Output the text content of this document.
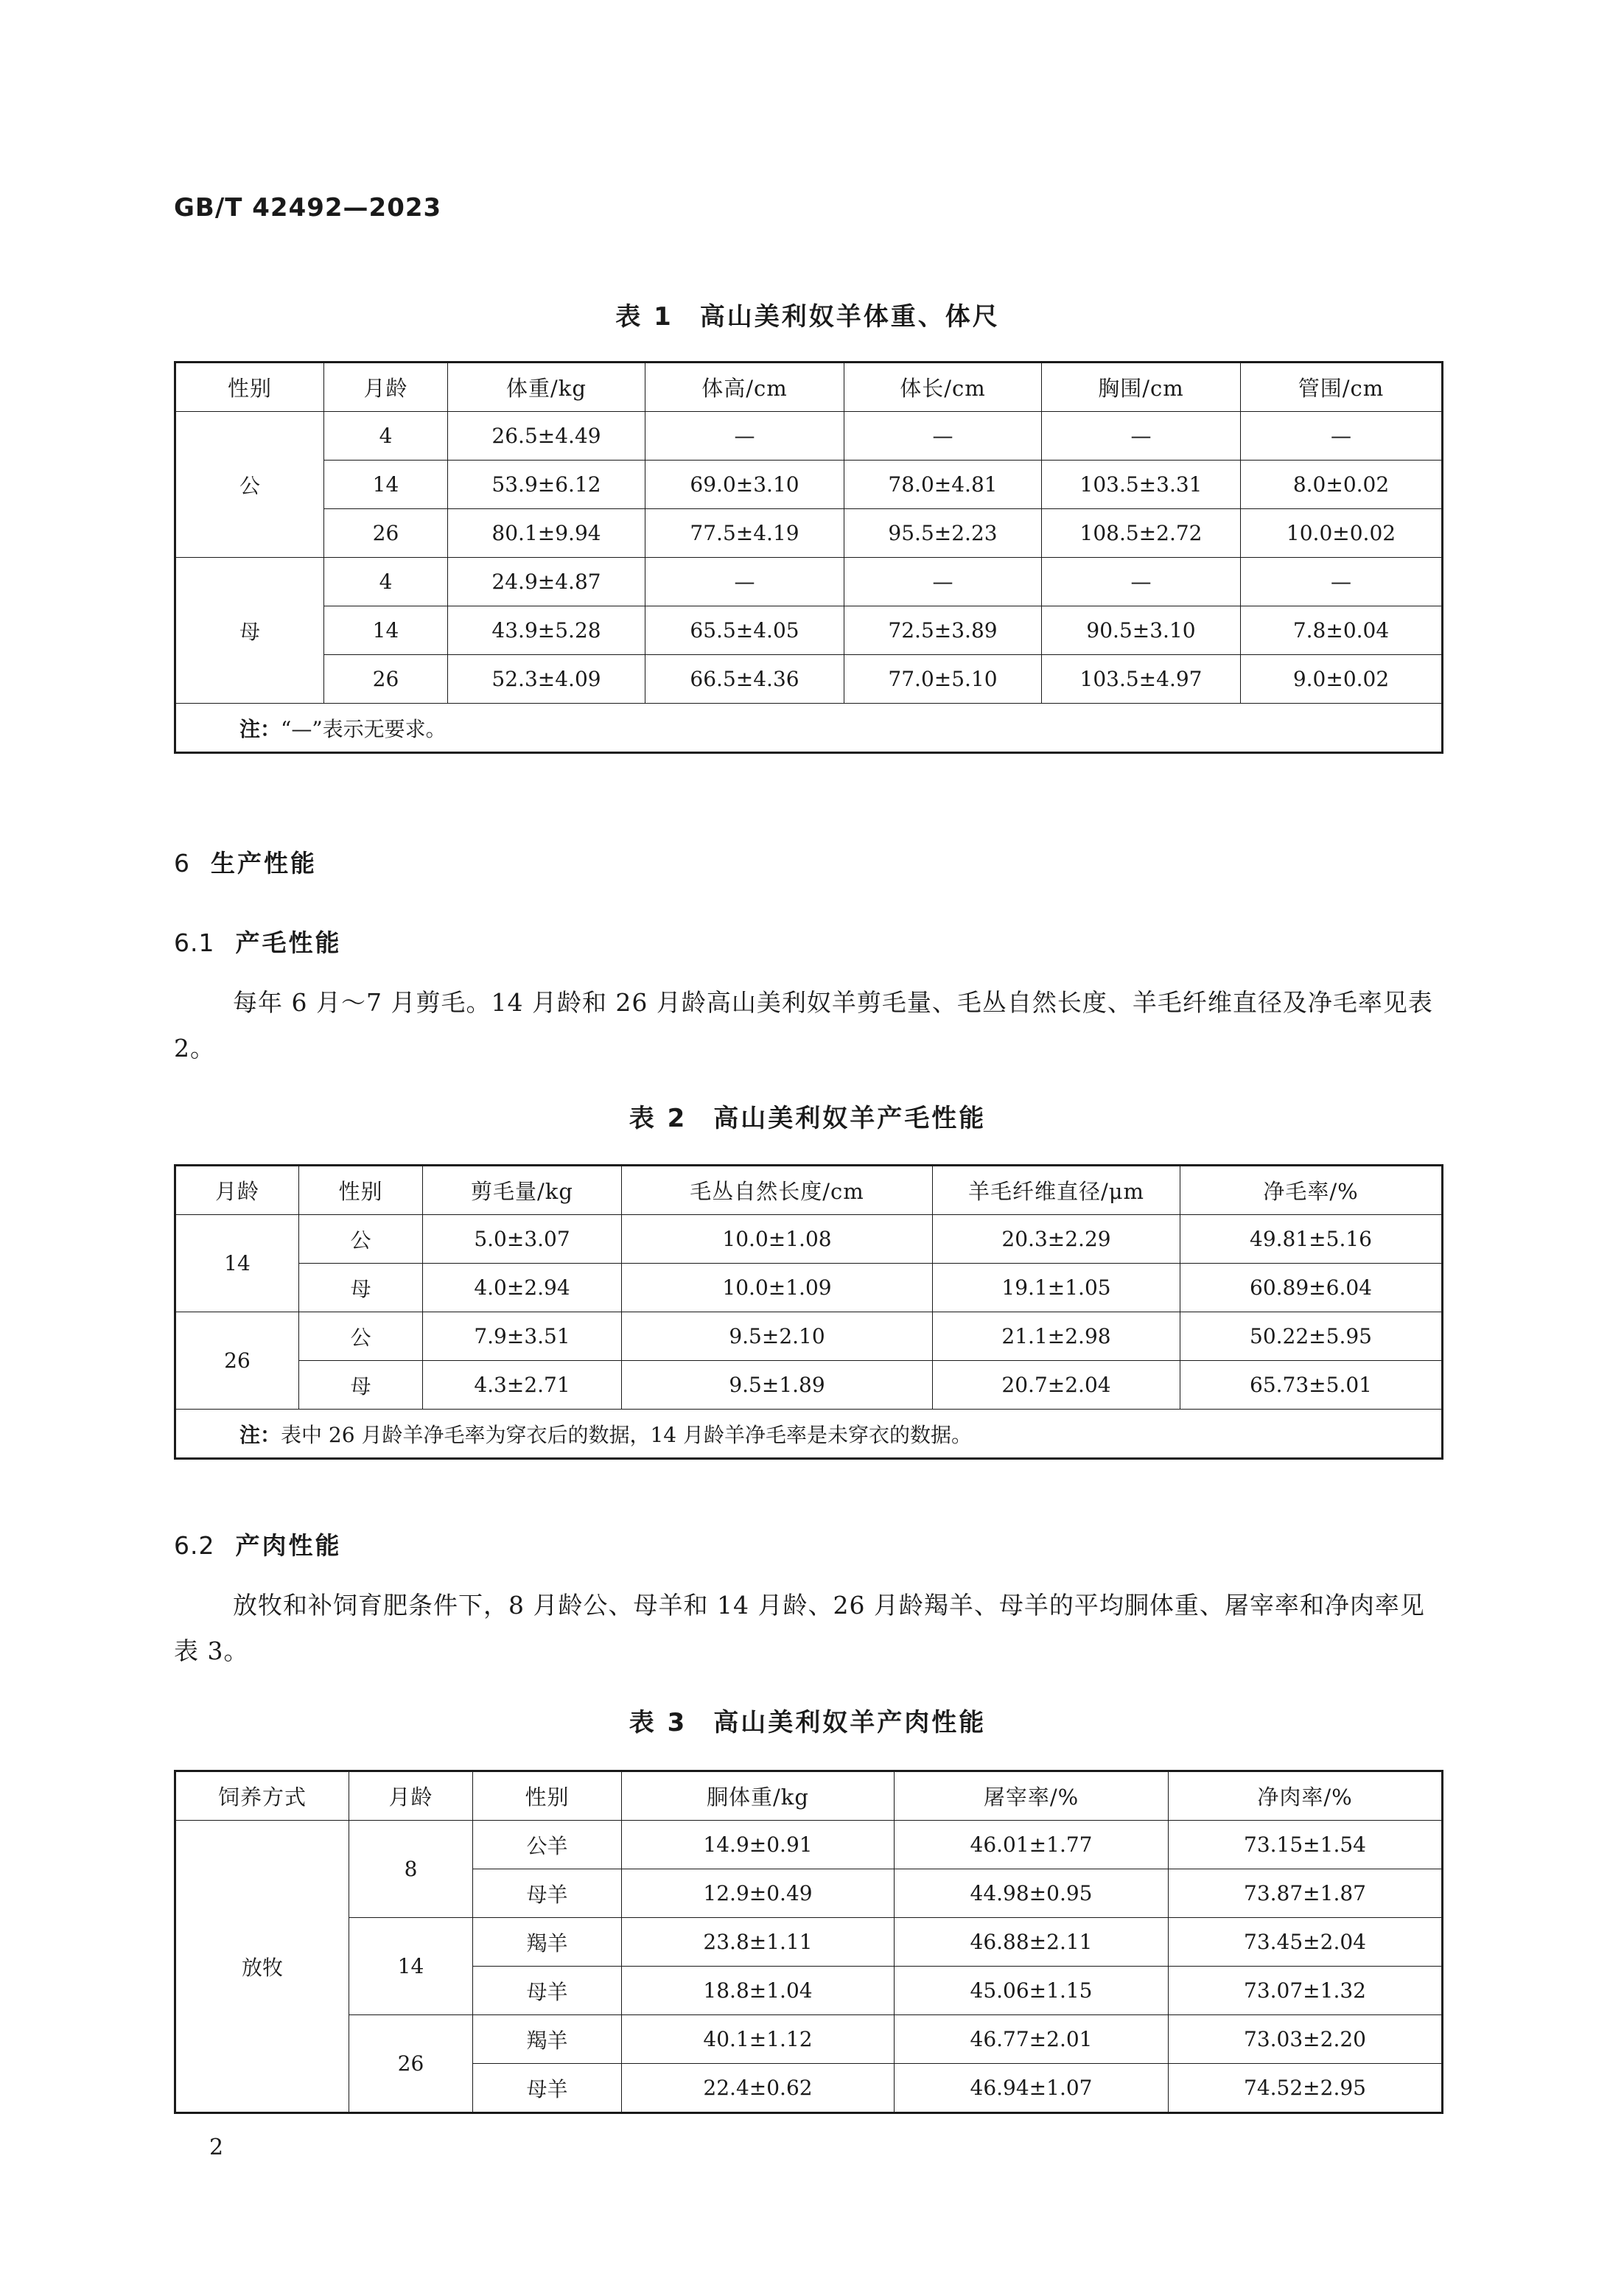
GB/T 42492—2023
表 1 高山美利奴羊体重、体尺
性别	月龄	体重/kg	体高/cm	体长/cm	胸围/cm	管围/cm
公	4	26.5±4.49	—	—	—	—
	14	53.9±6.12	69.0±3.10	78.0±4.81	103.5±3.31	8.0±0.02
	26	80.1±9.94	77.5±4.19	95.5±2.23	108.5±2.72	10.0±0.02
母	4	24.9±4.87	—	—	—	—
	14	43.9±5.28	65.5±4.05	72.5±3.89	90.5±3.10	7.8±0.04
	26	52.3±4.09	66.5±4.36	77.0±5.10	103.5±4.97	9.0±0.02
注：“—”表示无要求。						
6 生产性能
6.1 产毛性能
每年 6 月～7 月剪毛。14 月龄和 26 月龄高山美利奴羊剪毛量、毛丛自然长度、羊毛纤维直径及净毛率见表 2。
表 2 高山美利奴羊产毛性能
月龄	性别	剪毛量/kg	毛丛自然长度/cm	羊毛纤维直径/μm	净毛率/%
14	公	5.0±3.07	10.0±1.08	20.3±2.29	49.81±5.16
	母	4.0±2.94	10.0±1.09	19.1±1.05	60.89±6.04
26	公	7.9±3.51	9.5±2.10	21.1±2.98	50.22±5.95
	母	4.3±2.71	9.5±1.89	20.7±2.04	65.73±5.01
注：表中 26 月龄羊净毛率为穿衣后的数据，14 月龄羊净毛率是未穿衣的数据。					
6.2 产肉性能
放牧和补饲育肥条件下，8 月龄公、母羊和 14 月龄、26 月龄羯羊、母羊的平均胴体重、屠宰率和净肉率见表 3。
表 3 高山美利奴羊产肉性能
饲养方式	月龄	性别	胴体重/kg	屠宰率/%	净肉率/%
放牧	8	公羊	14.9±0.91	46.01±1.77	73.15±1.54
		母羊	12.9±0.49	44.98±0.95	73.87±1.87
	14	羯羊	23.8±1.11	46.88±2.11	73.45±2.04
		母羊	18.8±1.04	45.06±1.15	73.07±1.32
	26	羯羊	40.1±1.12	46.77±2.01	73.03±2.20
		母羊	22.4±0.62	46.94±1.07	74.52±2.95
2
